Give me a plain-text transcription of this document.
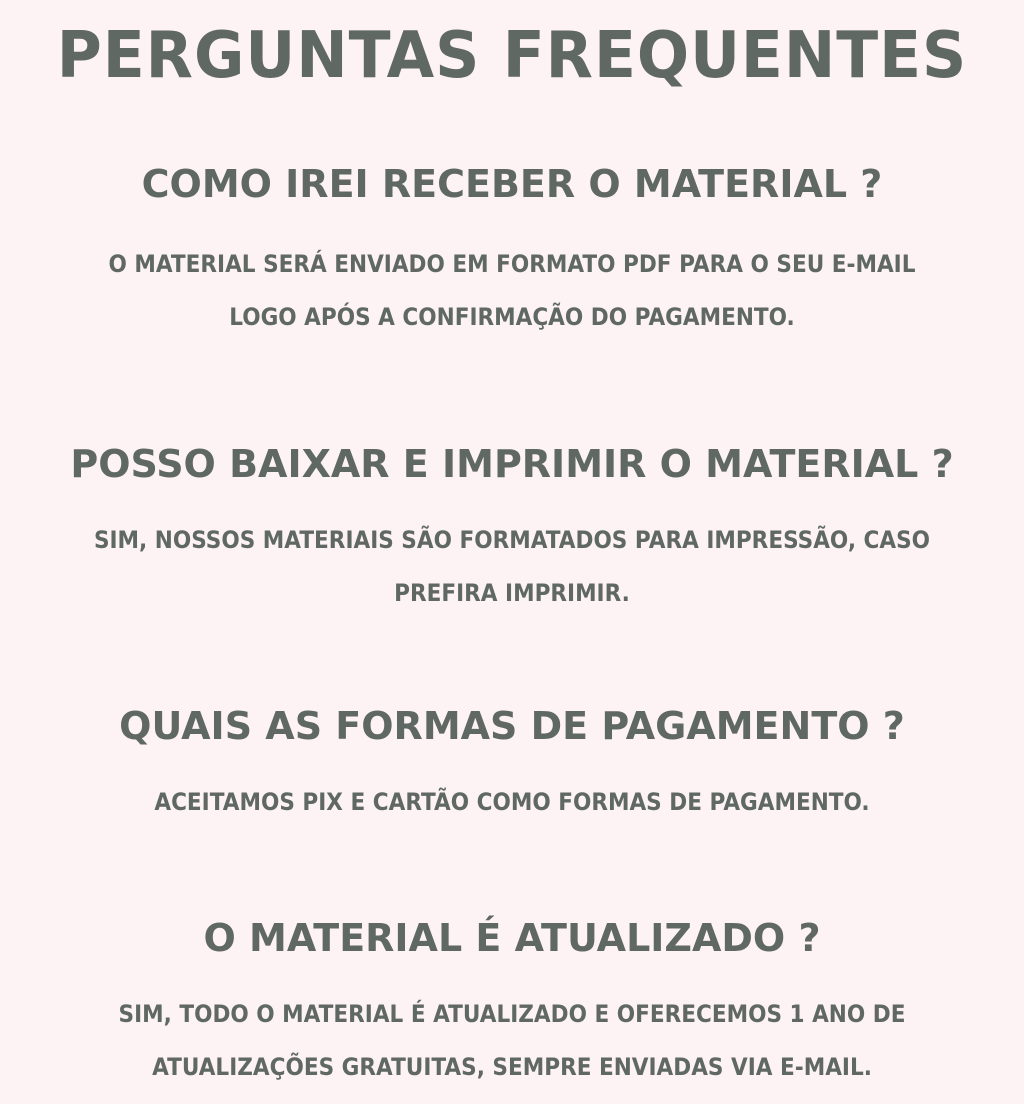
PERGUNTAS FREQUENTES
COMO IREI RECEBER O MATERIAL ?
O MATERIAL SERÁ ENVIADO EM FORMATO PDF PARA O SEU E-MAIL
LOGO APÓS A CONFIRMAÇÃO DO PAGAMENTO.
POSSO BAIXAR E IMPRIMIR O MATERIAL ?
SIM, NOSSOS MATERIAIS SÃO FORMATADOS PARA IMPRESSÃO, CASO
PREFIRA IMPRIMIR.
QUAIS AS FORMAS DE PAGAMENTO ?
ACEITAMOS PIX E CARTÃO COMO FORMAS DE PAGAMENTO.
O MATERIAL É ATUALIZADO ?
SIM, TODO O MATERIAL É ATUALIZADO E OFERECEMOS 1 ANO DE
ATUALIZAÇÕES GRATUITAS, SEMPRE ENVIADAS VIA E-MAIL.
